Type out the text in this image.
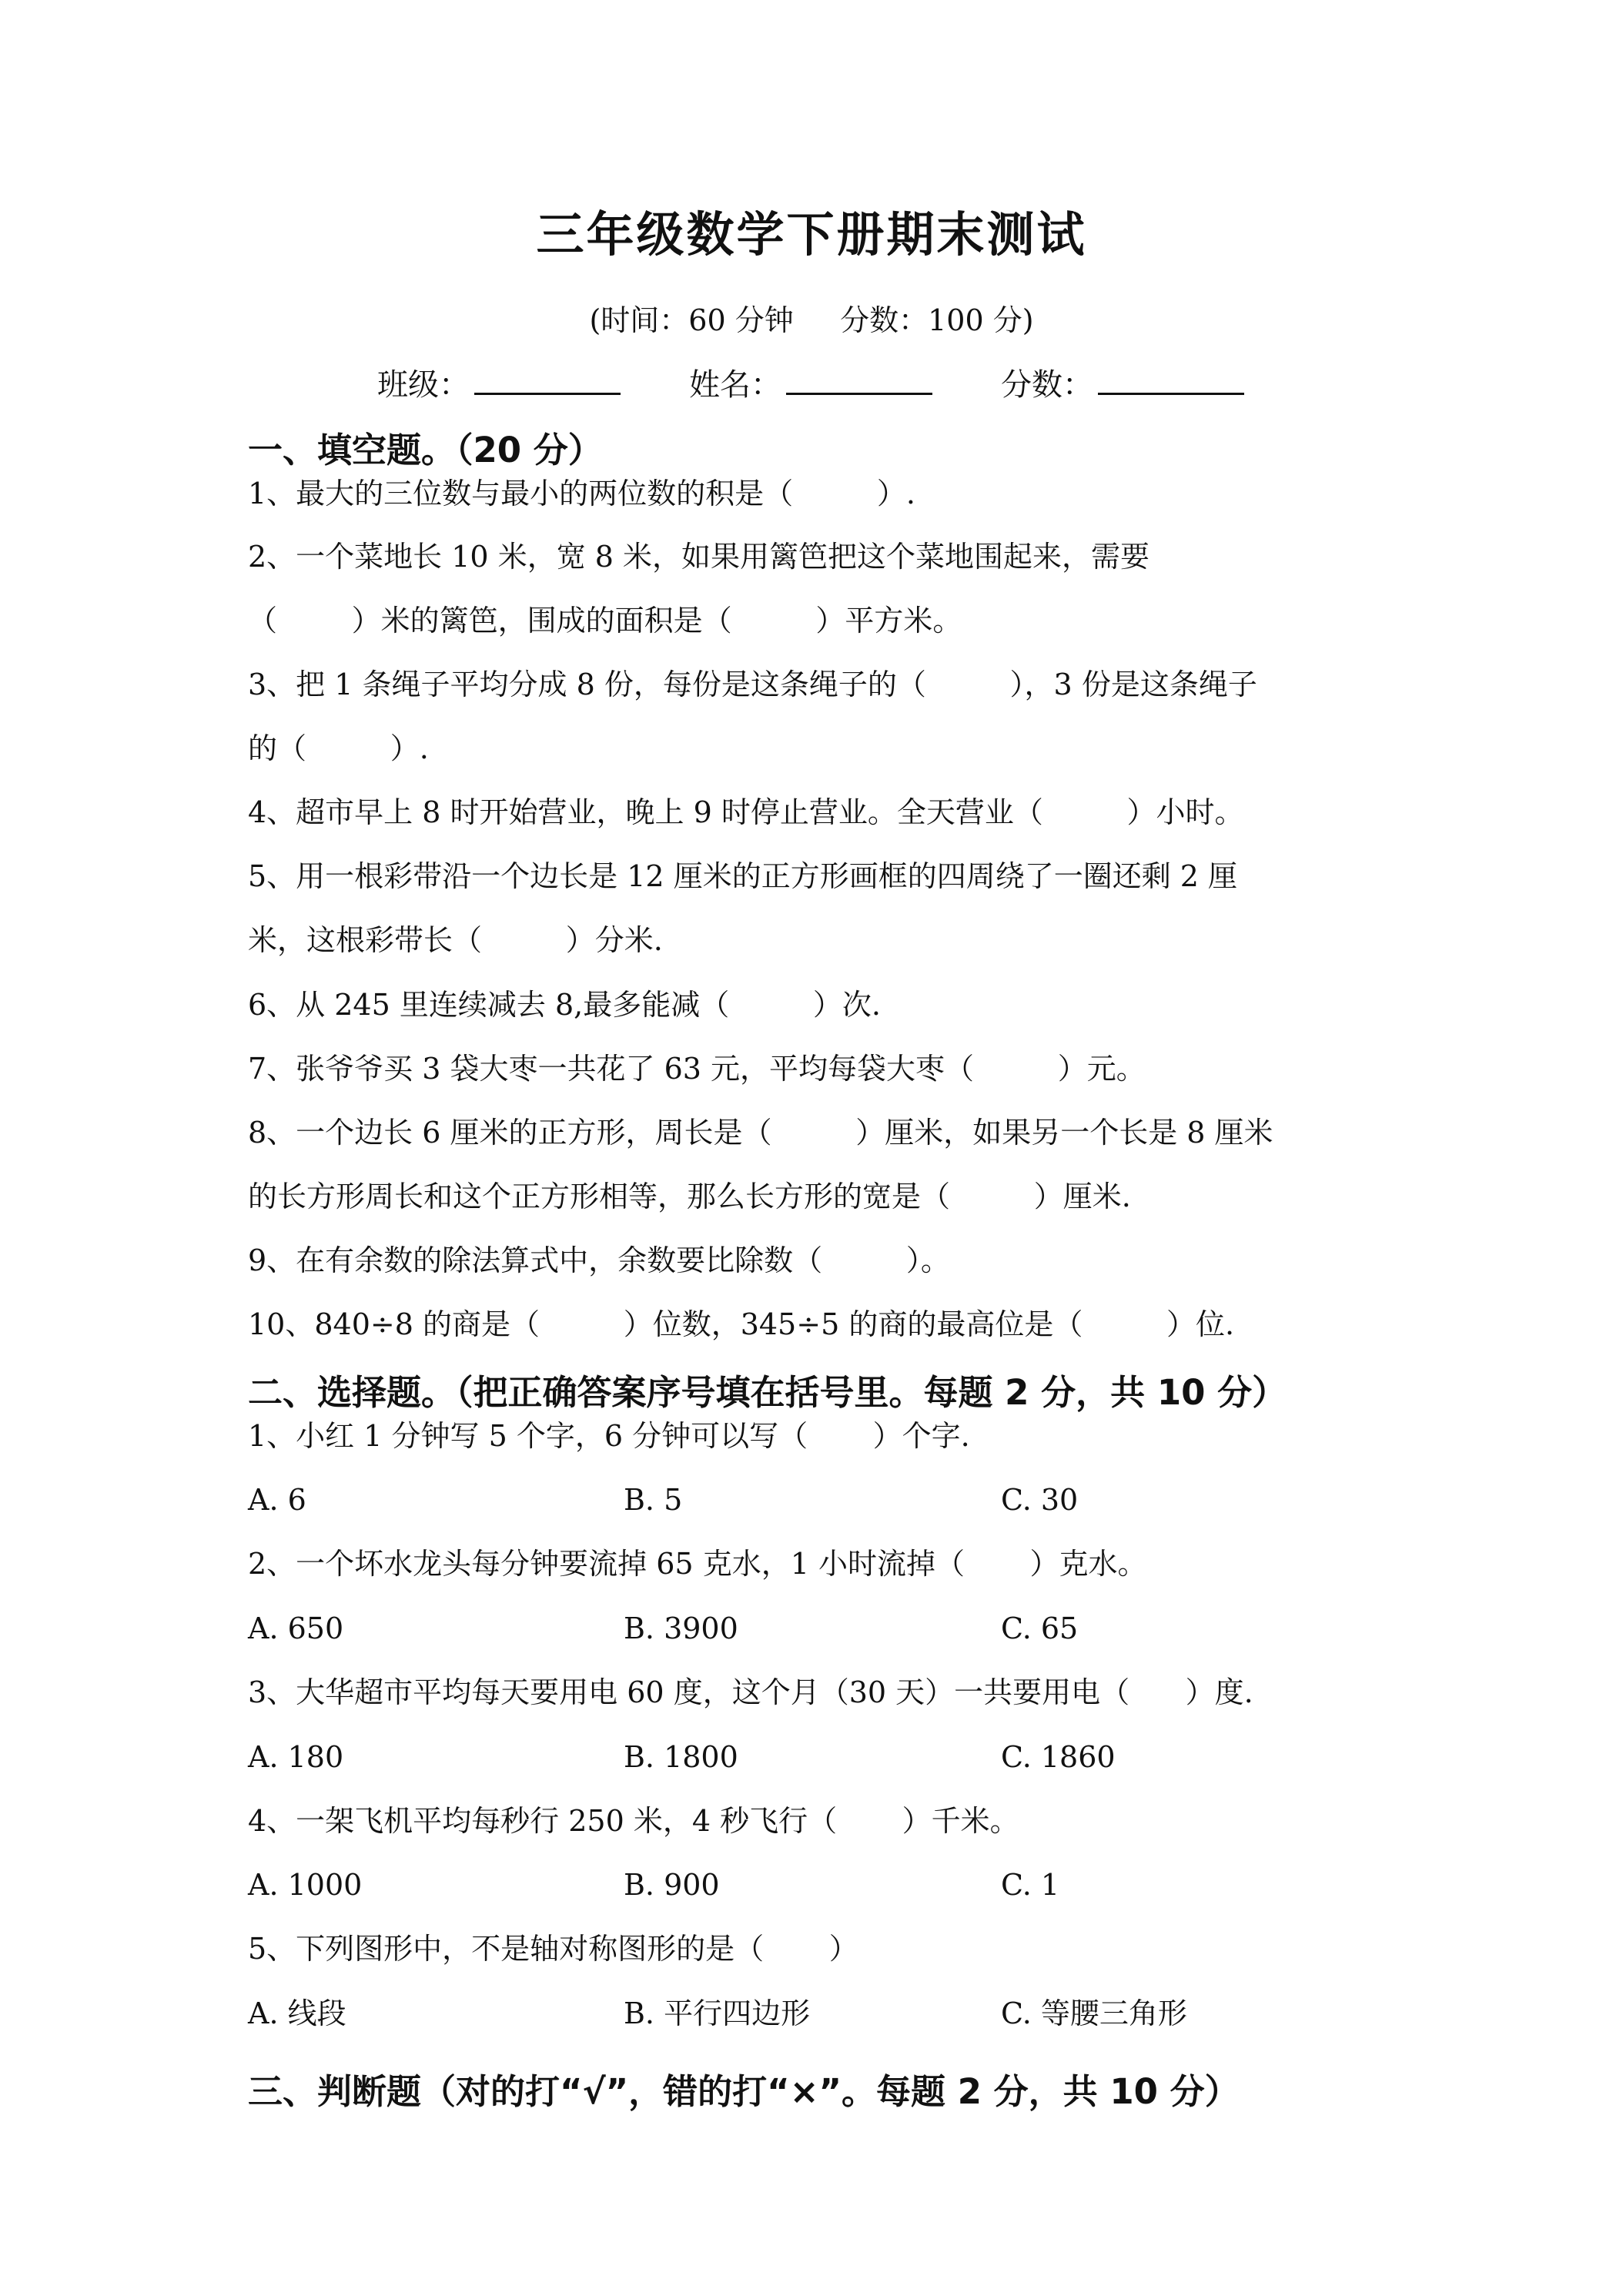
三年级数学下册期末测试
(时间：60 分钟     分数：100 分)
班级：	姓名：	分数：
一、填空题。（20 分）
1、最大的三位数与最小的两位数的积是（         ）.
2、一个菜地长 10 米，宽 8 米，如果用篱笆把这个菜地围起来，需要
（        ）米的篱笆，围成的面积是（         ）平方米。
3、把 1 条绳子平均分成 8 份，每份是这条绳子的（         ），3 份是这条绳子
的（         ）.
4、超市早上 8 时开始营业，晚上 9 时停止营业。全天营业（         ）小时。
5、用一根彩带沿一个边长是 12 厘米的正方形画框的四周绕了一圈还剩 2 厘
米，这根彩带长（         ）分米.
6、从 245 里连续减去 8,最多能减（         ）次.
7、张爷爷买 3 袋大枣一共花了 63 元，平均每袋大枣（         ）元。
8、一个边长 6 厘米的正方形，周长是（         ）厘米，如果另一个长是 8 厘米
的长方形周长和这个正方形相等，那么长方形的宽是（         ）厘米.
9、在有余数的除法算式中，余数要比除数（         ）。
10、840÷8 的商是（         ）位数，345÷5 的商的最高位是（         ）位.
二、选择题。（把正确答案序号填在括号里。每题 2 分，共 10 分）
1、小红 1 分钟写 5 个字，6 分钟可以写（       ）个字.
A. 6	B. 5	C. 30
2、一个坏水龙头每分钟要流掉 65 克水，1 小时流掉（       ）克水。
A. 650	B. 3900	C. 65
3、大华超市平均每天要用电 60 度，这个月（30 天）一共要用电（      ）度.
A. 180	B. 1800	C. 1860
4、一架飞机平均每秒行 250 米，4 秒飞行（       ）千米。
A. 1000	B. 900	C. 1
5、下列图形中，不是轴对称图形的是（       ）
A. 线段	B. 平行四边形	C. 等腰三角形
三、判断题（对的打“√”，错的打“×”。每题 2 分，共 10 分）
